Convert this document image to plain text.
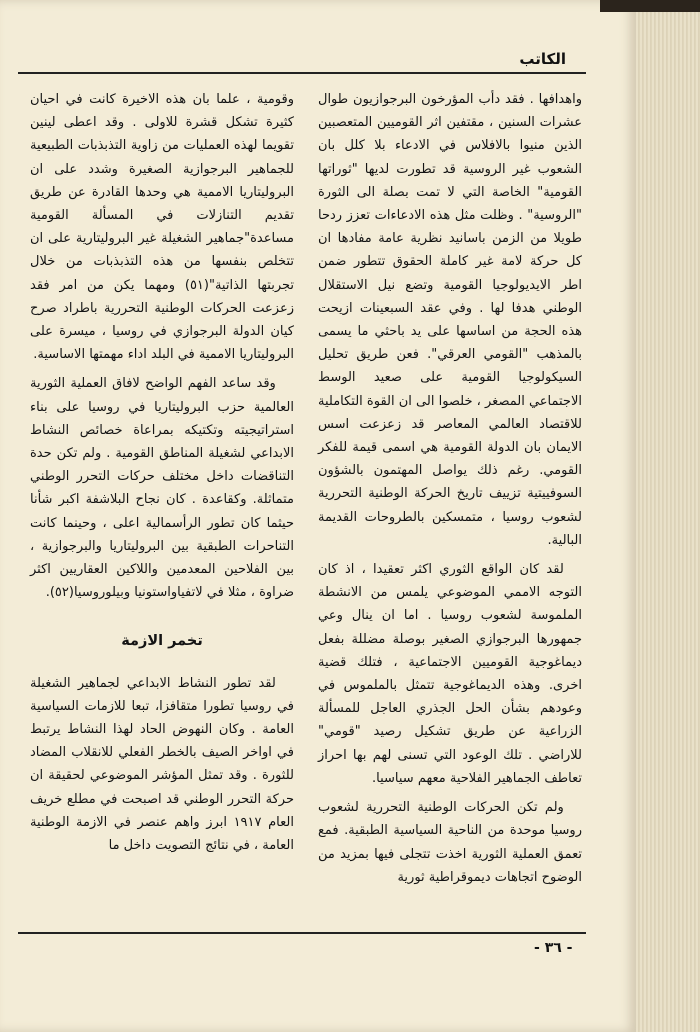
الكاتب

واهدافها . فقد دأب المؤرخون البرجوازيون طوال عشرات السنين ، مقتفين اثر القوميين المتعصبين الذين منيوا بالافلاس في الادعاء بلا كلل بان الشعوب غير الروسية قد تطورت لديها "ثوراتها القومية" الخاصة التي لا تمت بصلة الى الثورة "الروسية" . وظلت مثل هذه الادعاءات تعزز ردحا طويلا من الزمن باسانيد نظرية عامة مفادها ان كل حركة لامة غير كاملة الحقوق تتطور ضمن اطر الايديولوجيا القومية وتضع نيل الاستقلال الوطني هدفا لها . وفي عقد السبعينات ازيحت هذه الحجة من اساسها على يد باحثي ما يسمى بالمذهب "القومي العرقي". فعن طريق تحليل السيكولوجيا القومية على صعيد الوسط الاجتماعي المصغر ، خلصوا الى ان القوة التكاملية للاقتصاد العالمي المعاصر قد زعزعت اسس الايمان بان الدولة القومية هي اسمى قيمة للفكر القومي. رغم ذلك يواصل المهتمون بالشؤون السوفييتية تزييف تاريخ الحركة الوطنية التحررية لشعوب روسيا ، متمسكين بالطروحات القديمة البالية.

لقد كان الواقع الثوري اكثر تعقيدا ، اذ كان التوجه الاممي الموضوعي يلمس من الانشطة الملموسة لشعوب روسيا . اما ان ينال وعي جمهورها البرجوازي الصغير بوصلة مضللة بفعل ديماغوجية القوميين الاجتماعية ، فتلك قضية اخرى. وهذه الديماغوجية تتمثل بالملموس في وعودهم بشأن الحل الجذري العاجل للمسألة الزراعية عن طريق تشكيل رصيد "قومي" للاراضي . تلك الوعود التي تسنى لهم بها احراز تعاطف الجماهير الفلاحية معهم سياسيا.

ولم تكن الحركات الوطنية التحررية لشعوب روسيا موحدة من الناحية السياسية الطبقية. فمع تعمق العملية الثورية اخذت تتجلى فيها بمزيد من الوضوح اتجاهات ديموقراطية ثورية

وقومية ، علما بان هذه الاخيرة كانت في احيان كثيرة تشكل قشرة للاولى . وقد اعطى لينين تقويما لهذه العمليات من زاوية التذبذبات الطبيعية للجماهير البرجوازية الصغيرة وشدد على ان البروليتاريا الاممية هي وحدها القادرة عن طريق تقديم التنازلات في المسألة القومية مساعدة"جماهير الشغيلة غير البروليتارية على ان تتخلص بنفسها من هذه التذبذبات من خلال تجربتها الذاتية"(٥١) ومهما يكن من امر فقد زعزعت الحركات الوطنية التحررية باطراد صرح كيان الدولة البرجوازي في روسيا ، ميسرة على البروليتاريا الاممية في البلد اداء مهمتها الاساسية.

وقد ساعد الفهم الواضح لافاق العملية الثورية العالمية حزب البروليتاريا في روسيا على بناء استراتيجيته وتكتيكه بمراعاة خصائص النشاط الابداعي لشغيلة المناطق القومية . ولم تكن حدة التناقضات داخل مختلف حركات التحرر الوطني متماثلة. وكقاعدة . كان نجاح البلاشفة اكبر شأنا حيثما كان تطور الرأسمالية اعلى ، وحينما كانت التناحرات الطبقية بين البروليتاريا والبرجوازية ، بين الفلاحين المعدمين واللاكين العقاريين اكثر ضراوة ، مثلا في لاتفياواستونيا وبيلوروسيا(٥٢).

تخمر الازمة

لقد تطور النشاط الابداعي لجماهير الشغيلة في روسيا تطورا متقافزا، تبعا للازمات السياسية العامة . وكان النهوض الحاد لهذا النشاط يرتبط في اواخر الصيف بالخطر الفعلي للانقلاب المضاد للثورة . وقد تمثل المؤشر الموضوعي لحقيقة ان حركة التحرر الوطني قد اصبحت في مطلع خريف العام ١٩١٧ ابرز واهم عنصر في الازمة الوطنية العامة ، في نتائج التصويت داخل ما

- ٣٦ -
